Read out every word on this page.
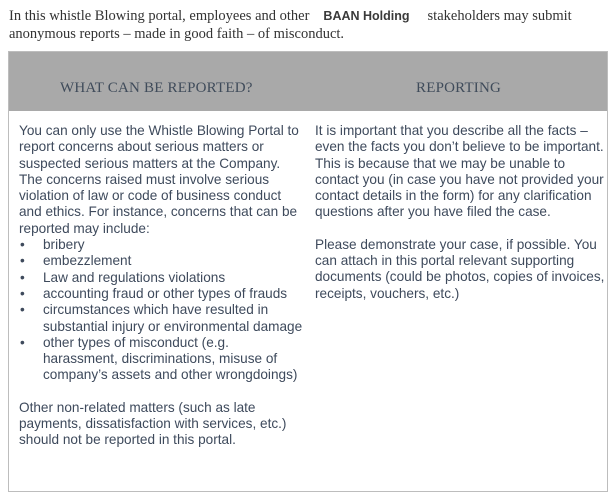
In this whistle Blowing portal, employees and other BAAN Holding stakeholders may submit
anonymous reports – made in good faith – of misconduct.
WHAT CAN BE REPORTED?	REPORTING

You can only use the Whistle Blowing Portal to report concerns about serious matters or suspected serious matters at the Company. The concerns raised must involve serious violation of law or code of business conduct and ethics. For instance, concerns that can be reported may include:

• bribery
• embezzlement
• Law and regulations violations
• accounting fraud or other types of frauds
• circumstances which have resulted in substantial injury or environmental damage
• other types of misconduct (e.g. harassment, discriminations, misuse of company’s assets and other wrongdoings)

Other non-related matters (such as late payments, dissatisfaction with services, etc.) should not be reported in this portal.

It is important that you describe all the facts – even the facts you don’t believe to be important. This is because that we may be unable to contact you (in case you have not provided your contact details in the form) for any clarification questions after you have filed the case.

Please demonstrate your case, if possible. You can attach in this portal relevant supporting documents (could be photos, copies of invoices, receipts, vouchers, etc.)
